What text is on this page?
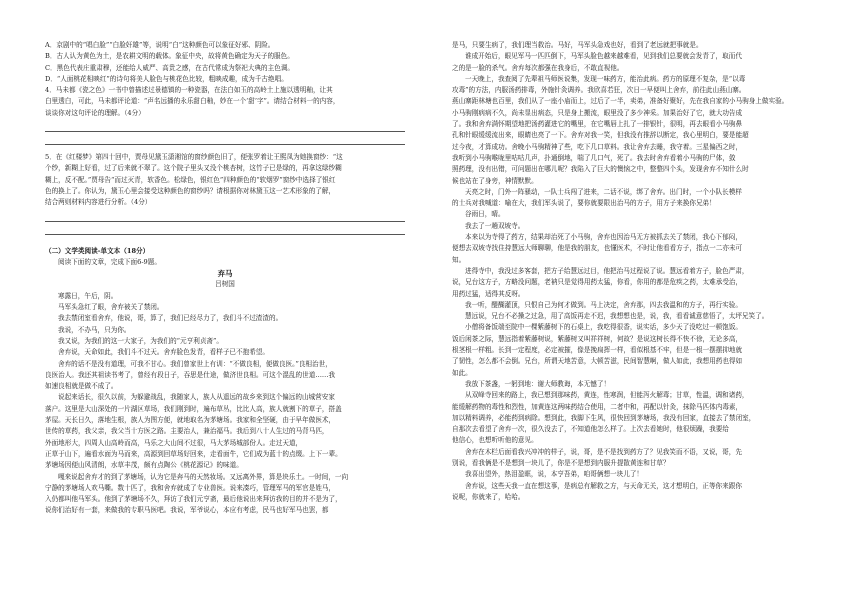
A．京剧中的“唱白脸”“白脸奸雄”等，说明“白”这种颜色可以象征好邪、阴险。
B．古人认为黄色为土，是农耕文明的载体。象征中央，故将黄色确定为天子的服色。
C．黑色代表庄重肃穆，还能给人威严、高贵之感，在古代常成为祭祀大典的主色调。
D．“人面桃花相映红”的诗句将美人脸色与桃花色比较，粗映成趣，成为千古绝唱。
4．马未都《瓷之色》一书中曾描述过景德镇的一种瓷器，在法白如玉的高岭土上施以透明釉，让其
白里透白，可此，马未都评论道：“声名远播的永乐甜白釉，妙在一个‘甜’字”。请结合材料一的内容，
谈谈你对这句评论的理解。（4分）
5．在《红楼梦》第四十回中，贾母见黛玉潇湘馆的窗纱颜色旧了，便张罗着让王熙凤为她换窗纱：“这
个纱，新糊上好看，过了后来就不翠了。这个院子里头又没个桃杏树，这竹子已是绿的，再拿这绿纱糊
糊上，反不配。”贾母告“而过灭青，软香色。松绿色，银红色”四种颜色的“软烟罗”窗纱中选择了银红
色的换上了。你认为，黛玉心里会接受这种颜色的窗纱吗？请根据你对林黛玉这一艺术形象的了解，
结合两则材料内容进行分析。（4分）
（二）文学类阅读-单文本（18分）
阅读下面的文章，完成下面6-9题。
弃马
吕树国
寒露日，午后，阴。
马军头急红了眼，舍弃被关了禁闭。
我去禁闭室看舍弃，他说，哥，算了，我们已经尽力了，我们斗不过渣渣的。
我说，不办马，只为你。
我又说，为我们的这一大家子，为我们的“元亨利贞斋”。
舍弃说，天命如此，我们斗不过天。舍弃脸色发青，看样子已不抱希望。
舍弃的话不是没有道理，可我不甘心。我们曾家世上有训：“不做良相，便做良医。”良相治世，
良医治人。我还其祖读书考了，曾经有段日子，吞思是仕途，做济世良相。可这个混乱的世道……我
如速良相就是做不成了。
说起来话长，很久以前，为躲避战乱，我随家人，族人从遥远的故乡来到这个偏远的山城营安家
落户。这里是大山深处的一片湖区草场，我们刚到时，遍布草丛，比比人高，族人就割下的草子，搭盖
茅屋。天长日久，落地生根，族人为图方便，就地取名为茅塘场。我家和全坚硬，由于早年做医术，
世传的草药，我父亲，我父当十方医之路。主要治人，兼治福马。我后到八十人生过的马背马匹，
外面地形大，四周人山高岭而高，马乐之大山间不过很，马大茅场城部份人。走过天道，
正草于山下，遍看水面为马而来，高源到回草场好回来，走看面牛，它们成为蓝十的点缀。上下一辈。
茅塘场因便山风清朗，水草丰茂，颇有点陶公《桃花源记》的味道。
嘎来说起舍弃才的到了茅塘场，认为它是奔马的天然妆场。又远离外界，算是块乐土。一时间，一向
宁静的茅塘场人欢马嘶。数十匹了，我和舍弃就成了专业兽医。说来凑巧，管理军马的军官是姓马，
入仍都叫他马军头。他到了茅塘场不久，拜访了我们元亨斋，最后他说出来拜访我的目的并不是为了，
说你们治好有一套，来做我的专职马医吧。我说，军爷说心，本应有考虑，民马也好军马也罢，都
是马，只要生病了，我们理当救治。马好，马军头急戏也好，看到了老远就把事就是。
谁成开始后，眼见军马一匹匹倒下，马军头脸色越来越难看，见到我们总要就会发青了，取而代
之的是一脸的杀气。舍弃每次都强在我身后，不敢直视他。
一天晚上，我查阅了先辈祖马师医说集，发现一味药方，能治此病。药方的原理不复杂，是“以毒
攻毒”的方法，内服汤药排毒，外施针灸调养。我欣喜若狂，次日一早便叫上舍弃，前往此山燕山寨。
燕山寨距林塘也百里，我们从了一座小庙而上，过后了一半，卖弟，准备好聚好，先在我自家的小马驹身上做实验。
小马驹刚病病不久，尚未显出病态，只是身上搬流，眼里没了多少神采。加果治好了它，就大功告成
了。我和舍弃满怀期望地把汤药灌进它的嘴里，在它嘴唇上扎了一排银针，很明，再去眼看小马驹鼻
孔和针眼缓缓流出来，眼睛也亮了一下。舍弃对我一笑，但我没有推辞以断定，我心里明白，要是能超
过今夜，才算成功。舍晚小马驹精神了些，吃下几口草料。我让舍弃去睡，我守着。三星偏西之时，
我听到小马驹喉咙里咕咕几声，扑通倒地，喘了几口气，死了。我去时舍弃看着小马驹的尸体，敛
照药理，没有出错，可问题出在哪儿呢？我陷入了巨大的懊恼之中，整整四个头，发现舍弃不知什么时
候也站在了身旁，神情默默。
天亮之时，门外一阵骚动，一队士兵闯了进来，二话不说，绑了舍弃。出门时，一个小队长模样
的士兵对我喊道：喻在大，我们军头说了，要你就要限出治马的方子，用方子来换你兄弟！
谷雨日，晴。
我去了一趟双坡寺。
本来以为寺得了药方，结果却治死了小马驹，舍弃也因治马无方被抓去关了禁闭，我心下郁闷，
便想去双坡寺找住持慧远大师聊聊，他是我的朋友，也懂医术，不时让他看看方子，指点一二亦未可
知。
进得寺中，我没过多客套，把方子给慧远过目，他把治马过程说了说。慧远看着方子，脸色严肃，
说，兄台这方子，方略没问题，老衲只是觉得用药太猛，你看，你用的都是危疾之药，太难承受治，
用药过猛，适得其反呀。
我一听，醍醐灌顶，只恨自己为何才做到。马上决定，舍弃那，四去我温和的方子，再行实验。
慧远说，兄台不必操之过急，用了高饭再走不迟，我想想也是，说，我，看看诚意慈悟了，太坪兄笑了。
小僧将备饭端至院中一棵紫藤树下的石桌上，我吃得很香，说实话，多少天了没吃过一顿饱饭。
饭后闲茶之际，慧远指着紫藤树说，紫藤树又叫祥祥树，何故？是说这树长得不快不徐，无论多高，
根茎根一样粗。长到一定程度，必定被摧，像是挽扁挥一样，看似根基不牢，但是一根一摆摆抑地就
了韧性，怎么都不会倒。兄台，所谓天地苦意，大顿苦滋，民间智慧啊，做人如此，我想用药也得如
如此。
我放下茶盏，一躬到地：谢大师教诲，本无憾了！
从双峰寺回来的路上，我已想到那味药，黄连，性寒润，但能泻火解毒；甘草，性温，调和诸药，
能缓解药物的毒性和烈性，加黄连这两味药结合使用，二者中和，再配以针灸，抹除马匹体内毒素，
加以精料调养，必能药到病除。想到此，我脚下生风，很快回到茅塘场，我没有回家，直接去了禁闭室，
自那次去看望了舍弃一次，很久没去了，不知道他怎么样了。上次去看她时，他很烦躁，我要给
他信心，也想听听他的意见。
舍弃在木栏后面看我兴冲冲的样子，说，哥，是不是找到药方了？见我笑而不语，又说，哥，先
别说，看我俩是不是想到一块儿了，你是不是想到内服升提散黄连和甘草？
我喜出望外，热泪盈眶，说，本亨吾弟，咱哥俩想一块儿了！
舍弃说，这些天我一直在想这事，是病总有解救之方，与天命无关，这才想明白，正等你来跟你
说呢，你就来了，哈哈。
